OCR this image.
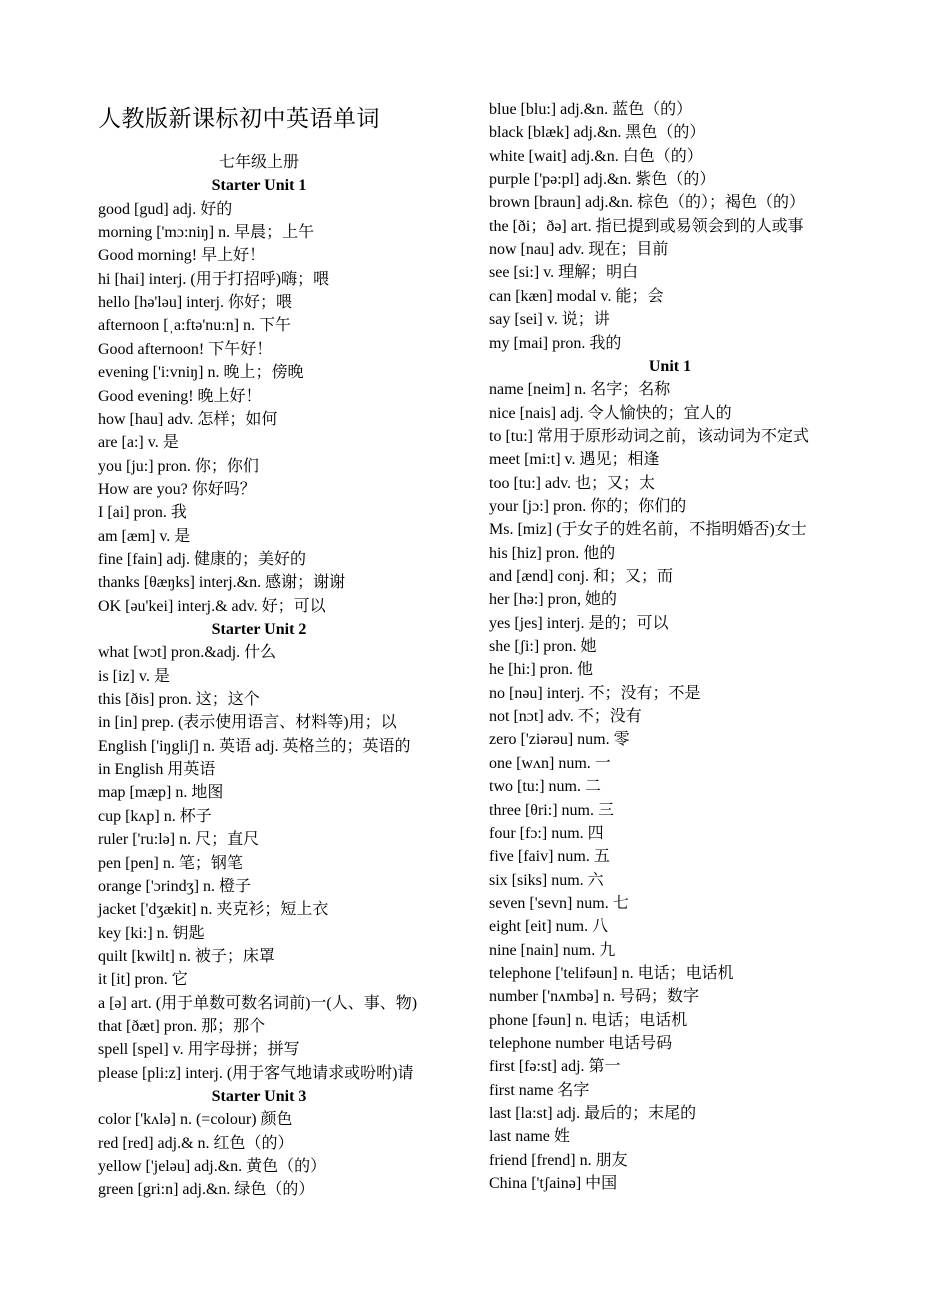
人教版新课标初中英语单词
七年级上册
Starter Unit 1
good [gud] adj. 好的
morning ['mɔ:niŋ] n. 早晨；上午
Good morning! 早上好！
hi [hai] interj. (用于打招呼)嗨；喂
hello [hə'ləu] interj. 你好；喂
afternoon [ˌa:ftə'nu:n] n. 下午
Good afternoon! 下午好！
evening ['i:vniŋ] n. 晚上；傍晚
Good evening! 晚上好！
how [hau] adv. 怎样；如何
are [a:] v. 是
you [ju:] pron. 你；你们
How are you? 你好吗？
I [ai] pron. 我
am [æm] v. 是
fine [fain] adj. 健康的；美好的
thanks [θæŋks] interj.&n. 感谢；谢谢
OK [əu'kei] interj.& adv. 好；可以
Starter Unit 2
what [wɔt] pron.&adj. 什么
is [iz] v. 是
this [ðis] pron. 这；这个
in [in] prep. (表示使用语言、材料等)用；以
English ['iŋgliʃ] n. 英语 adj. 英格兰的；英语的
in English 用英语
map [mæp] n. 地图
cup [kʌp] n. 杯子
ruler ['ru:lə] n. 尺；直尺
pen [pen] n. 笔；钢笔
orange ['ɔrindʒ] n. 橙子
jacket ['dʒækit] n. 夹克衫；短上衣
key [ki:] n. 钥匙
quilt [kwilt] n. 被子；床罩
it [it] pron. 它
a [ə] art. (用于单数可数名词前)一(人、事、物)
that [ðæt] pron. 那；那个
spell [spel] v. 用字母拼；拼写
please [pli:z] interj. (用于客气地请求或吩咐)请
Starter Unit 3
color ['kʌlə] n. (=colour) 颜色
red [red] adj.& n. 红色（的）
yellow ['jeləu] adj.&n. 黄色（的）
green [gri:n] adj.&n. 绿色（的）
blue [blu:] adj.&n. 蓝色（的）
black [blæk] adj.&n. 黑色（的）
white [wait] adj.&n. 白色（的）
purple ['pə:pl] adj.&n. 紫色（的）
brown [braun] adj.&n. 棕色（的）；褐色（的）
the [ði；ðə] art. 指已提到或易领会到的人或事
now [nau] adv. 现在；目前
see [si:] v. 理解；明白
can [kæn] modal v. 能；会
say [sei] v. 说；讲
my [mai] pron. 我的
Unit 1
name [neim] n. 名字；名称
nice [nais] adj. 令人愉快的；宜人的
to [tu:] 常用于原形动词之前，该动词为不定式
meet [mi:t] v. 遇见；相逢
too [tu:] adv. 也；又；太
your [jɔ:] pron. 你的；你们的
Ms. [miz] (于女子的姓名前，不指明婚否)女士
his [hiz] pron. 他的
and [ænd] conj. 和；又；而
her [hə:] pron, 她的
yes [jes] interj. 是的；可以
she [ʃi:] pron. 她
he [hi:] pron. 他
no [nəu] interj. 不；没有；不是
not [nɔt] adv. 不；没有
zero ['ziərəu] num. 零
one [wʌn] num. 一
two [tu:] num. 二
three [θri:] num. 三
four [fɔ:] num. 四
five [faiv] num. 五
six [siks] num. 六
seven ['sevn] num. 七
eight [eit] num. 八
nine [nain] num. 九
telephone ['telifəun] n. 电话；电话机
number ['nʌmbə] n. 号码；数字
phone [fəun] n. 电话；电话机
telephone number 电话号码
first [fə:st] adj. 第一
first name 名字
last [la:st] adj. 最后的；末尾的
last name 姓
friend [frend] n. 朋友
China ['tʃainə] 中国
